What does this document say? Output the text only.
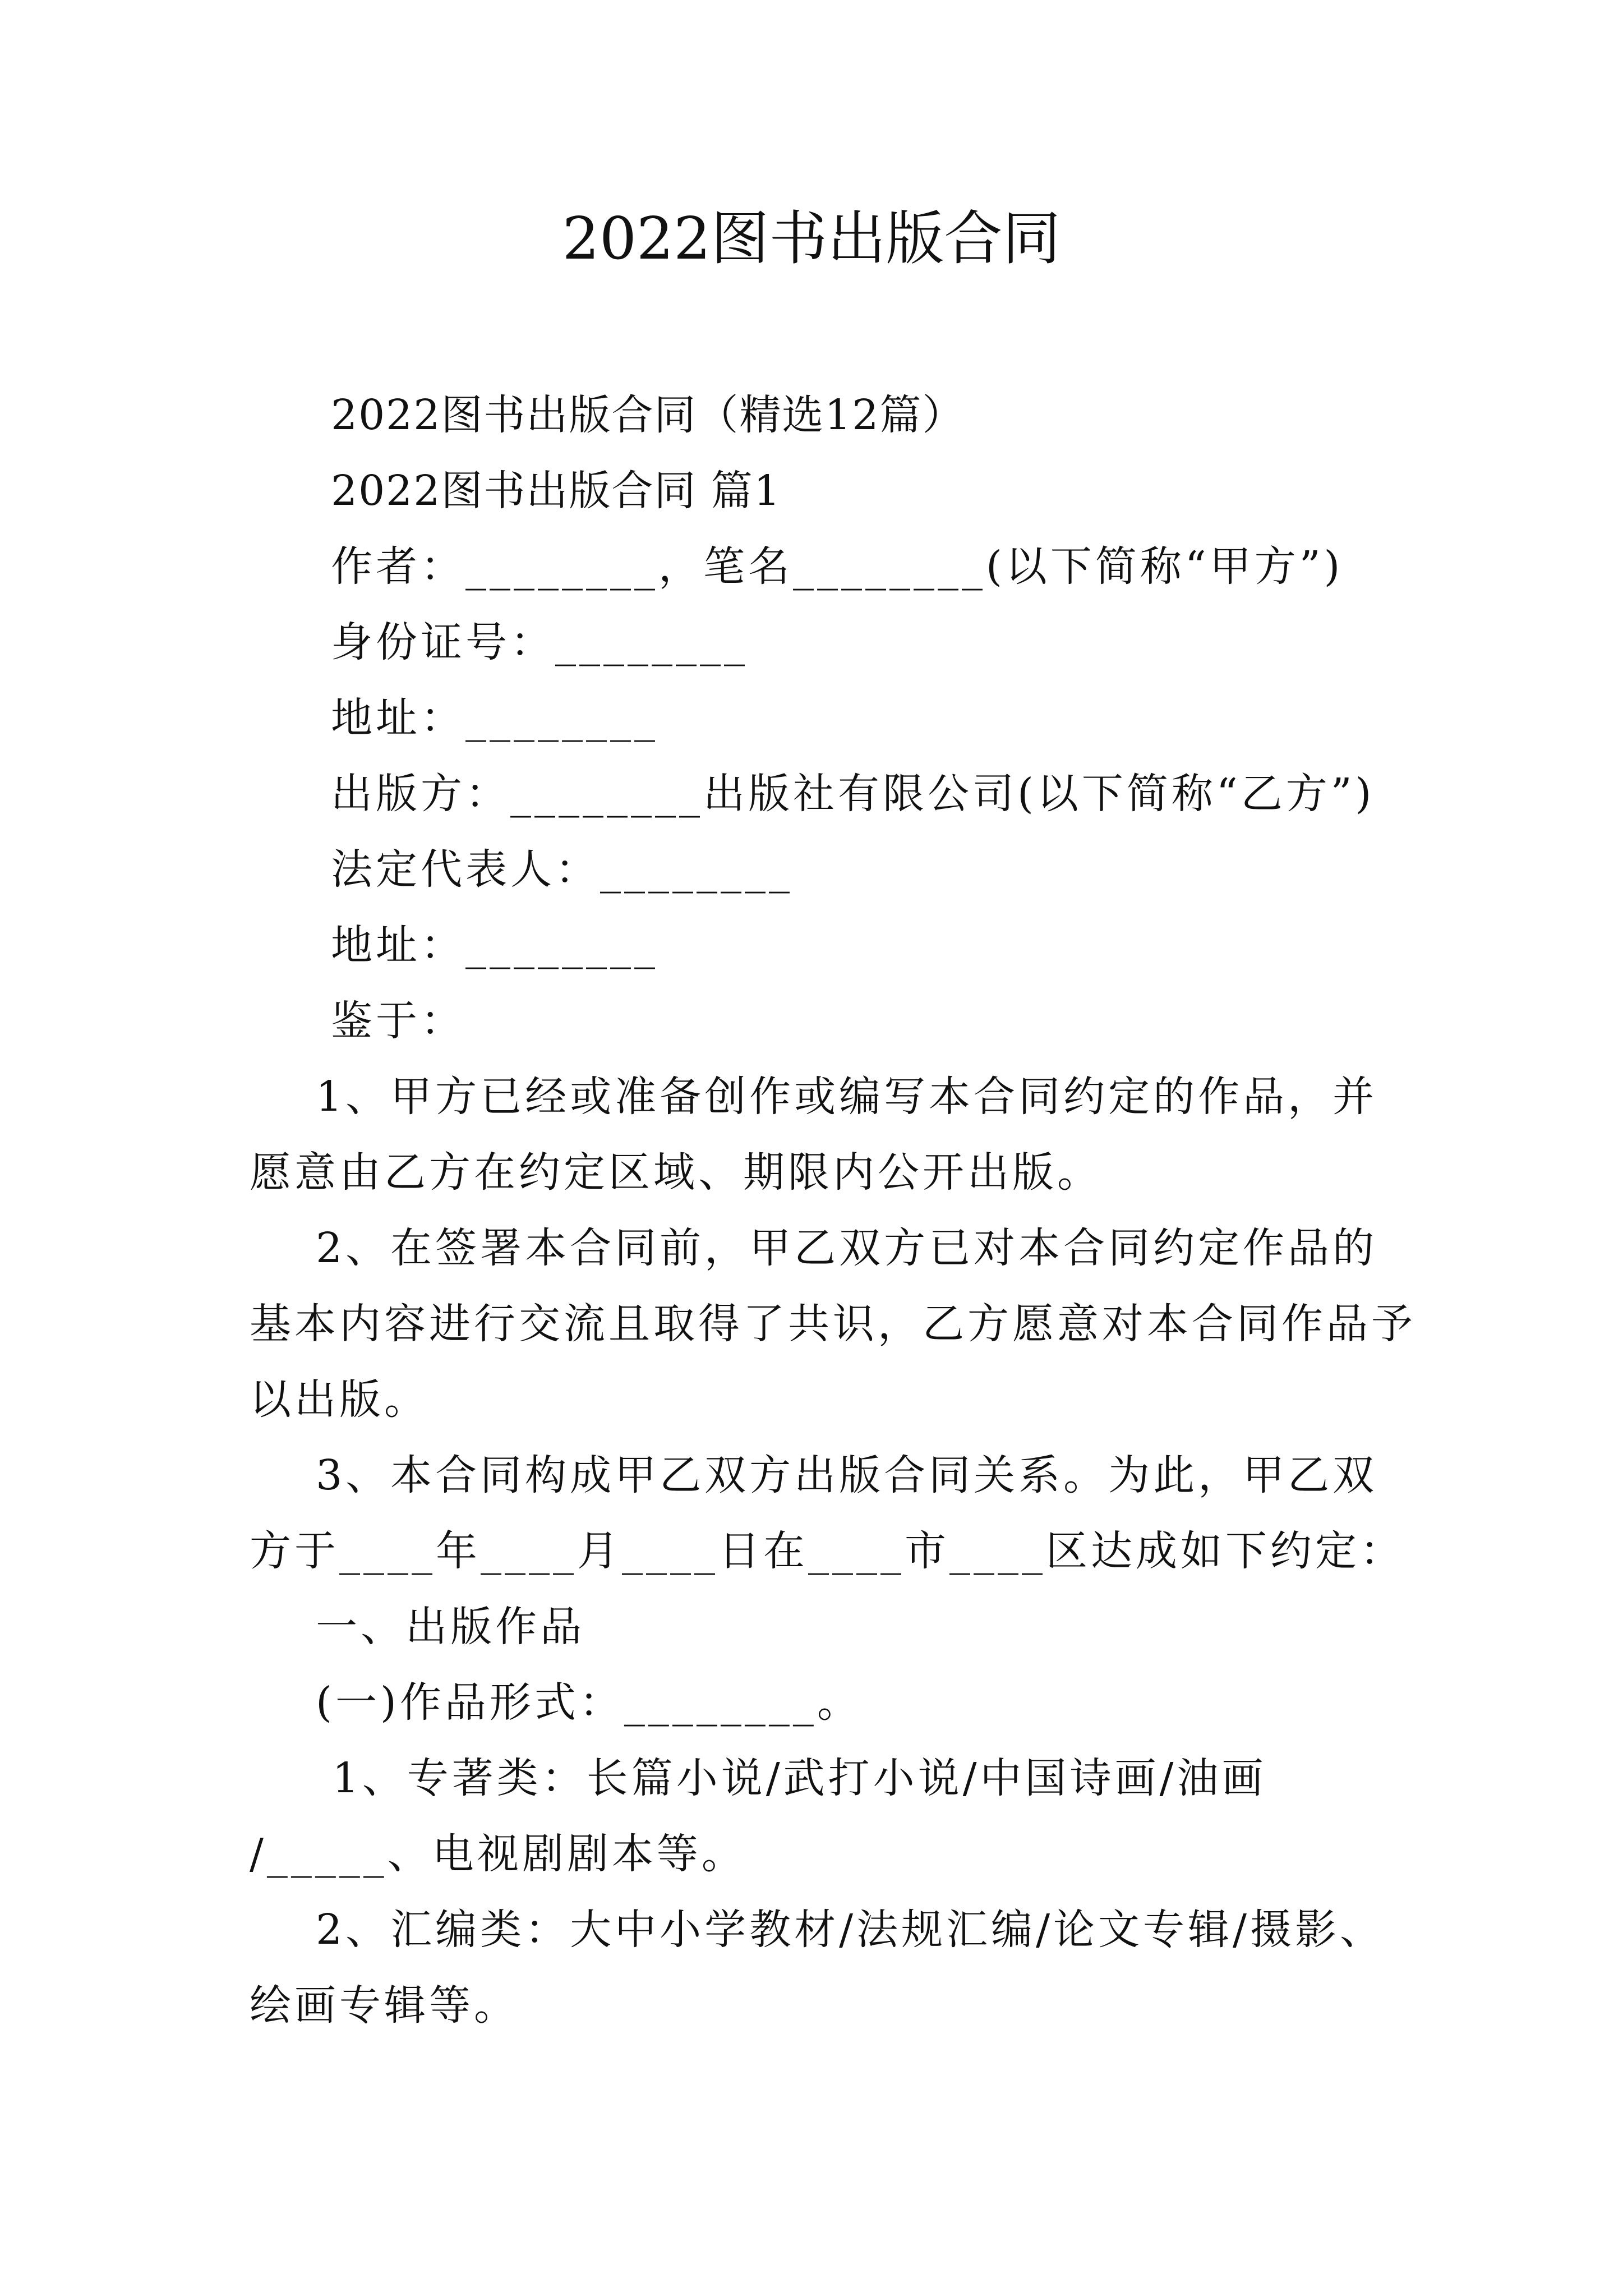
2022图书出版合同
2022图书出版合同（精选12篇）
2022图书出版合同 篇1
作者：________，笔名________(以下简称“甲方”)
身份证号：________
地址：________
出版方：________出版社有限公司(以下简称“乙方”)
法定代表人：________
地址：________
鉴于：
1、甲方已经或准备创作或编写本合同约定的作品，并
愿意由乙方在约定区域、期限内公开出版。
2、在签署本合同前，甲乙双方已对本合同约定作品的
基本内容进行交流且取得了共识，乙方愿意对本合同作品予
以出版。
3、本合同构成甲乙双方出版合同关系。为此，甲乙双
方于____年____月____日在____市____区达成如下约定：
一、出版作品
(一)作品形式：________。
1、专著类：长篇小说/武打小说/中国诗画/油画
/_____、电视剧剧本等。
2、汇编类：大中小学教材/法规汇编/论文专辑/摄影、
绘画专辑等。
